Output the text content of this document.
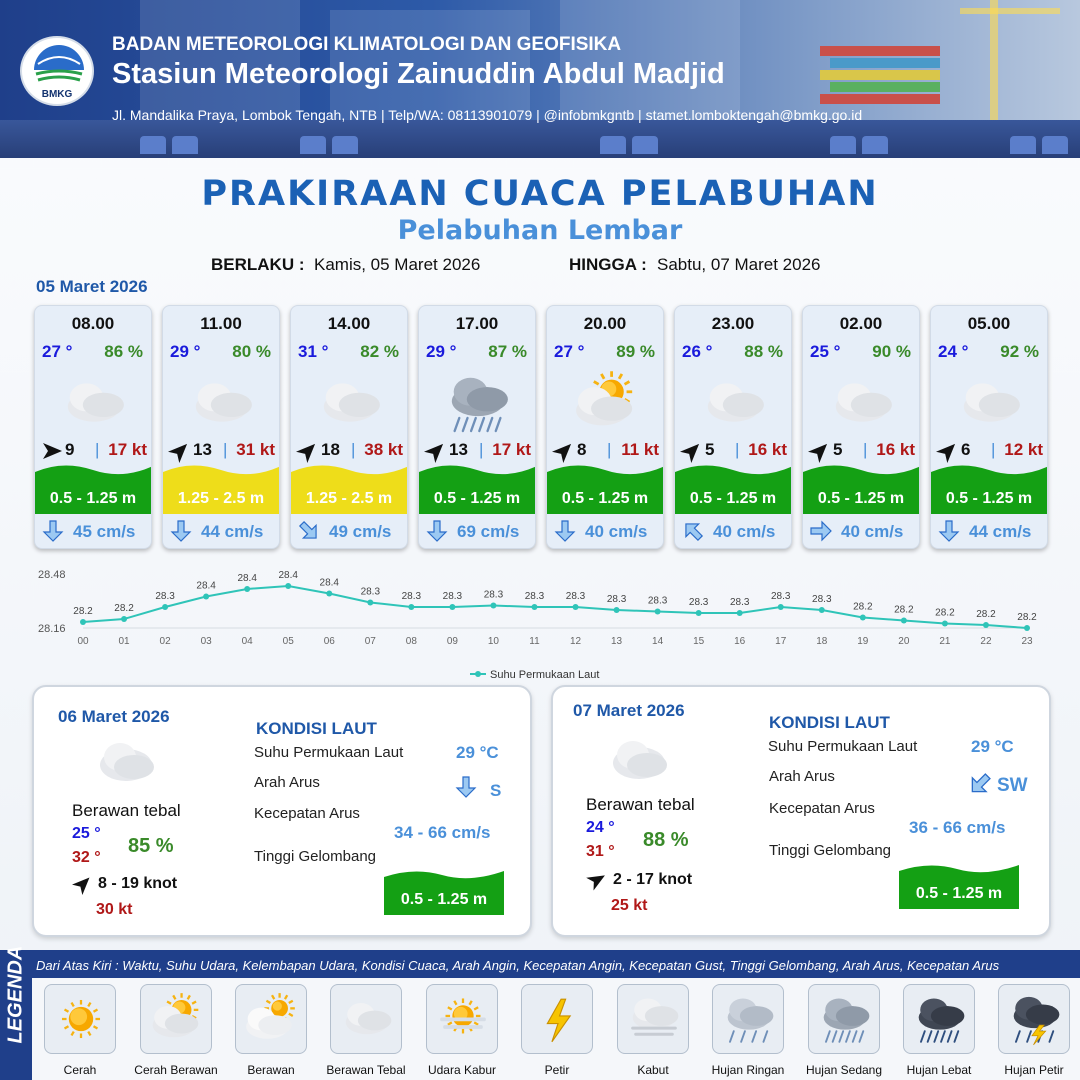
BMKG
BADAN METEOROLOGI KLIMATOLOGI DAN GEOFISIKA
Stasiun Meteorologi Zainuddin Abdul Madjid
Jl. Mandalika Praya, Lombok Tengah, NTB | Telp/WA: 08113901079 | @infobmkgntb | stamet.lomboktengah@bmkg.go.id
PRAKIRAAN CUACA PELABUHAN
Pelabuhan Lembar
BERLAKU : Kamis, 05 Maret 2026	HINGGA : Sabtu, 07 Maret 2026
05 Maret 2026
08.00
27 ° 86 %
9 | 17 kt
0.5 - 1.25 m
45 cm/s
11.00
29 ° 80 %
13 | 31 kt
1.25 - 2.5 m
44 cm/s
14.00
31 ° 82 %
18 | 38 kt
1.25 - 2.5 m
49 cm/s
17.00
29 ° 87 %
13 | 17 kt
0.5 - 1.25 m
69 cm/s
20.00
27 ° 89 %
8 | 11 kt
0.5 - 1.25 m
40 cm/s
23.00
26 ° 88 %
5 | 16 kt
0.5 - 1.25 m
40 cm/s
02.00
25 ° 90 %
5 | 16 kt
0.5 - 1.25 m
40 cm/s
05.00
24 ° 92 %
6 | 12 kt
0.5 - 1.25 m
44 cm/s
28.48
28.16
28.2
00
28.2
01
28.3
02
28.4
03
28.4
04
28.4
05
28.4
06
28.3
07
28.3
08
28.3
09
28.3
10
28.3
11
28.3
12
28.3
13
28.3
14
28.3
15
28.3
16
28.3
17
28.3
18
28.2
19
28.2
20
28.2
21
28.2
22
28.2
23
Suhu Permukaan Laut
06 Maret 2026
Berawan tebal
25 °
32 °
85 %
8 - 19 knot
30 kt
KONDISI LAUT
Suhu Permukaan Laut	29 °C
Arah Arus	S
Kecepatan Arus
34 - 66 cm/s
Tinggi Gelombang
0.5 - 1.25 m
07 Maret 2026
Berawan tebal
24 °
31 °
88 %
2 - 17 knot
25 kt
KONDISI LAUT
Suhu Permukaan Laut	29 °C
Arah Arus	SW
Kecepatan Arus
36 - 66 cm/s
Tinggi Gelombang
0.5 - 1.25 m
LEGENDA Dari Atas Kiri : Waktu, Suhu Udara, Kelembapan Udara, Kondisi Cuaca, Arah Angin, Kecepatan Angin, Kecepatan Gust, Tinggi Gelombang, Arah Arus, Kecepatan Arus
Cerah	Cerah Berawan	Berawan	Berawan Tebal	Udara Kabur	Petir	Kabut	Hujan Ringan	Hujan Sedang	Hujan Lebat	Hujan Petir
